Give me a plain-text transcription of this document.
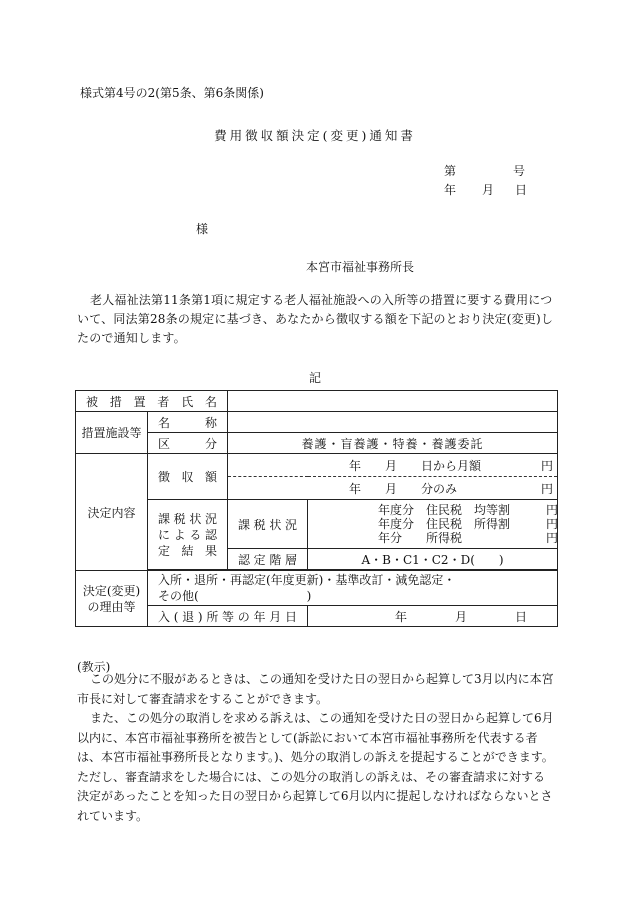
様式第4号の2(第5条、第6条関係)
費用徴収額決定(変更)通知書
第	号
年 月 日
様
本宮市福祉事務所長
老人福祉法第11条第1項に規定する老人福祉施設への入所等の措置に要する費用について、同法第28条の規定に基づき、あなたから徴収する額を下記のとおり決定(変更)したので通知します。
記
被措置者氏名			
措置施設等	名称		
	区分	養護・盲養護・特養・養護委託	
決定内容	徴収額	年　　月　　日から月額　　　　　円	
		年　　月　　分のみ　　　　　　　円	
	課税状況による認定結果	課税状況	年度分　住民税　均等割　　　円
年度分　住民税　所得割　　　円
年分　　所得税　　　　　　　円

		認定階層	A・B・C1・C2・D(　　)

決定(変更)の理由等	入所・退所・再認定(年度更新)・基準改訂・減免認定・
その他(　　　　　　　　　)		

	入(退)所等の年月日		年　　　　月　　　　日
(教示)
この処分に不服があるときは、この通知を受けた日の翌日から起算して3月以内に本宮市長に対して審査請求をすることができます。
また、この処分の取消しを求める訴えは、この通知を受けた日の翌日から起算して6月以内に、本宮市福祉事務所を被告として(訴訟において本宮市福祉事務所を代表する者は、本宮市福祉事務所長となります。)、処分の取消しの訴えを提起することができます。ただし、審査請求をした場合には、この処分の取消しの訴えは、その審査請求に対する決定があったことを知った日の翌日から起算して6月以内に提起しなければならないとされています。
